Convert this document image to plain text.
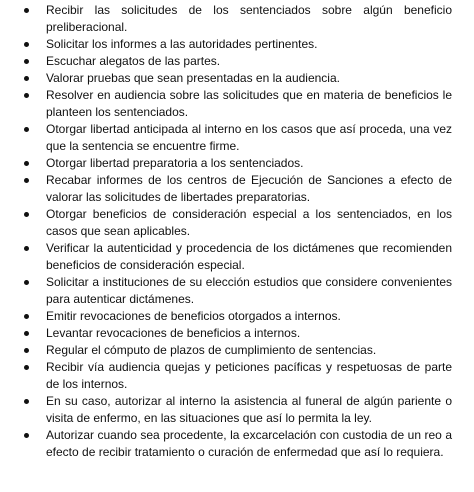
Recibir las solicitudes de los sentenciados sobre algún beneficio preliberacional.
Solicitar los informes a las autoridades pertinentes.
Escuchar alegatos de las partes.
Valorar pruebas que sean presentadas en la audiencia.
Resolver en audiencia sobre las solicitudes que en materia de beneficios le planteen los sentenciados.
Otorgar libertad anticipada al interno en los casos que así proceda, una vez que la sentencia se encuentre firme.
Otorgar libertad preparatoria a los sentenciados.
Recabar informes de los centros de Ejecución de Sanciones a efecto de valorar las solicitudes de libertades preparatorias.
Otorgar beneficios de consideración especial a los sentenciados, en los casos que sean aplicables.
Verificar la autenticidad y procedencia de los dictámenes que recomienden beneficios de consideración especial.
Solicitar a instituciones de su elección estudios que considere convenientes para autenticar dictámenes.
Emitir revocaciones de beneficios otorgados a internos.
Levantar revocaciones de beneficios a internos.
Regular el cómputo de plazos de cumplimiento de sentencias.
Recibir vía audiencia quejas y peticiones pacíficas y respetuosas de parte de los internos.
En su caso, autorizar al interno la asistencia al funeral de algún pariente o visita de enfermo, en las situaciones que así lo permita la ley.
Autorizar cuando sea procedente, la excarcelación con custodia de un reo a efecto de recibir tratamiento o curación de enfermedad que así lo requiera.
